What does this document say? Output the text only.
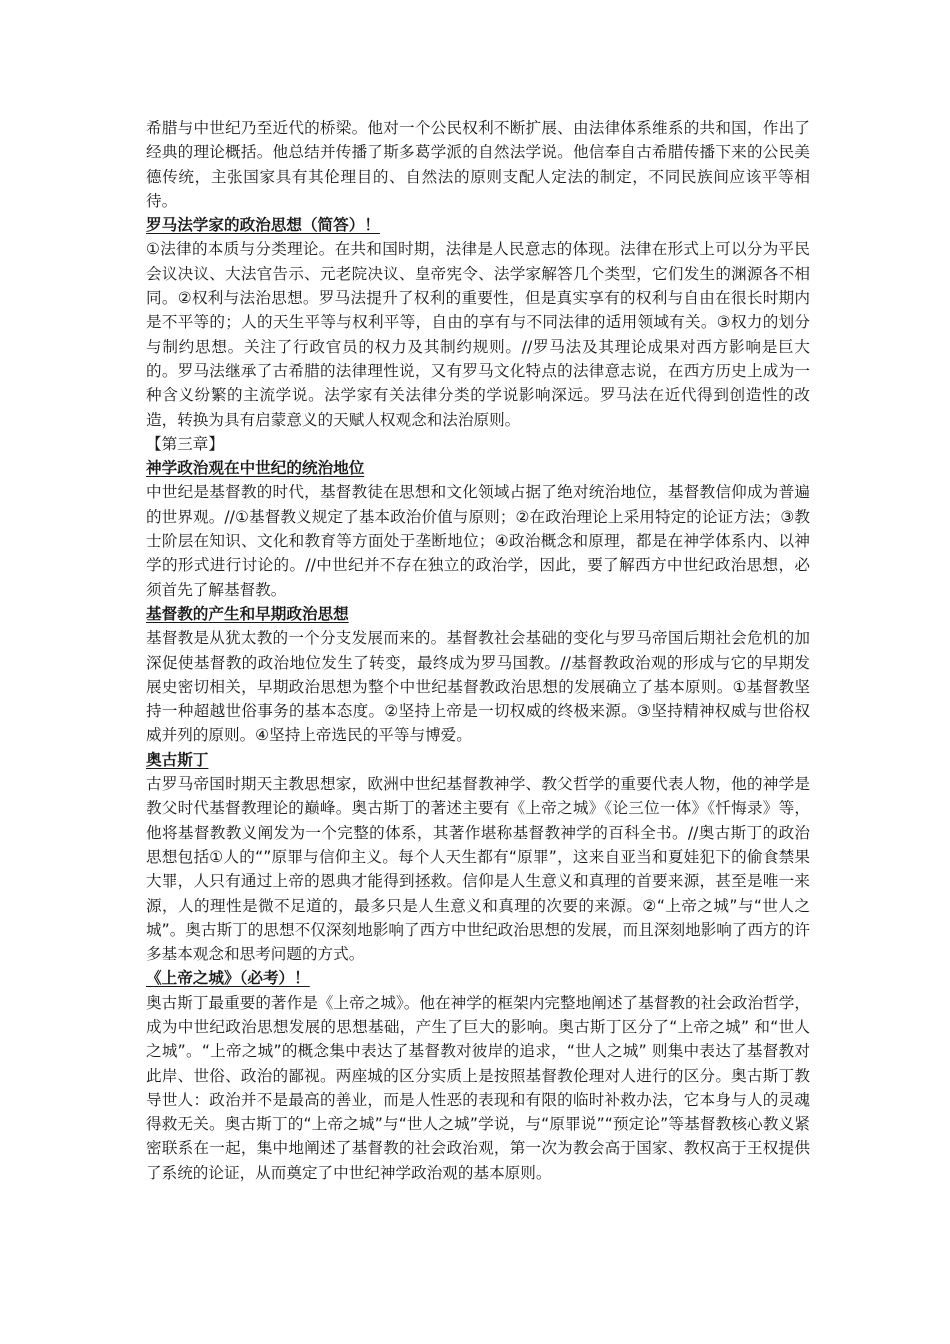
希腊与中世纪乃至近代的桥梁。他对一个公民权利不断扩展、由法律体系维系的共和国，作出了经典的理论概括。他总结并传播了斯多葛学派的自然法学说。他信奉自古希腊传播下来的公民美德传统，主张国家具有其伦理目的、自然法的原则支配人定法的制定，不同民族间应该平等相待。

罗马法学家的政治思想（简答）！

①法律的本质与分类理论。在共和国时期，法律是人民意志的体现。法律在形式上可以分为平民会议决议、大法官告示、元老院决议、皇帝宪令、法学家解答几个类型，它们发生的渊源各不相同。②权利与法治思想。罗马法提升了权利的重要性，但是真实享有的权利与自由在很长时期内是不平等的；人的天生平等与权利平等，自由的享有与不同法律的适用领域有关。③权力的划分与制约思想。关注了行政官员的权力及其制约规则。//罗马法及其理论成果对西方影响是巨大的。罗马法继承了古希腊的法律理性说，又有罗马文化特点的法律意志说，在西方历史上成为一种含义纷繁的主流学说。法学家有关法律分类的学说影响深远。罗马法在近代得到创造性的改造，转换为具有启蒙意义的天赋人权观念和法治原则。

【第三章】

神学政治观在中世纪的统治地位

中世纪是基督教的时代，基督教徒在思想和文化领域占据了绝对统治地位，基督教信仰成为普遍的世界观。//①基督教义规定了基本政治价值与原则；②在政治理论上采用特定的论证方法；③教士阶层在知识、文化和教育等方面处于垄断地位；④政治概念和原理，都是在神学体系内、以神学的形式进行讨论的。//中世纪并不存在独立的政治学，因此，要了解西方中世纪政治思想，必须首先了解基督教。

基督教的产生和早期政治思想

基督教是从犹太教的一个分支发展而来的。基督教社会基础的变化与罗马帝国后期社会危机的加深促使基督教的政治地位发生了转变，最终成为罗马国教。//基督教政治观的形成与它的早期发展史密切相关，早期政治思想为整个中世纪基督教政治思想的发展确立了基本原则。①基督教坚持一种超越世俗事务的基本态度。②坚持上帝是一切权威的终极来源。③坚持精神权威与世俗权威并列的原则。④坚持上帝选民的平等与博爱。

奥古斯丁

古罗马帝国时期天主教思想家，欧洲中世纪基督教神学、教父哲学的重要代表人物，他的神学是教父时代基督教理论的巅峰。奥古斯丁的著述主要有《上帝之城》《论三位一体》《忏悔录》等，他将基督教教义阐发为一个完整的体系，其著作堪称基督教神学的百科全书。//奥古斯丁的政治思想包括①人的“”原罪与信仰主义。每个人天生都有“原罪”，这来自亚当和夏娃犯下的偷食禁果大罪，人只有通过上帝的恩典才能得到拯救。信仰是人生意义和真理的首要来源，甚至是唯一来源，人的理性是微不足道的，最多只是人生意义和真理的次要的来源。②“上帝之城”与“世人之城”。奥古斯丁的思想不仅深刻地影响了西方中世纪政治思想的发展，而且深刻地影响了西方的许多基本观念和思考问题的方式。

《上帝之城》（必考）！

奥古斯丁最重要的著作是《上帝之城》。他在神学的框架内完整地阐述了基督教的社会政治哲学，成为中世纪政治思想发展的思想基础，产生了巨大的影响。奥古斯丁区分了“上帝之城” 和“世人之城”。“上帝之城”的概念集中表达了基督教对彼岸的追求，“世人之城” 则集中表达了基督教对此岸、世俗、政治的鄙视。两座城的区分实质上是按照基督教伦理对人进行的区分。奥古斯丁教导世人：政治并不是最高的善业，而是人性恶的表现和有限的临时补救办法，它本身与人的灵魂得救无关。奥古斯丁的“上帝之城”与“世人之城”学说，与“原罪说”“预定论”等基督教核心教义紧密联系在一起，集中地阐述了基督教的社会政治观，第一次为教会高于国家、教权高于王权提供了系统的论证，从而奠定了中世纪神学政治观的基本原则。
